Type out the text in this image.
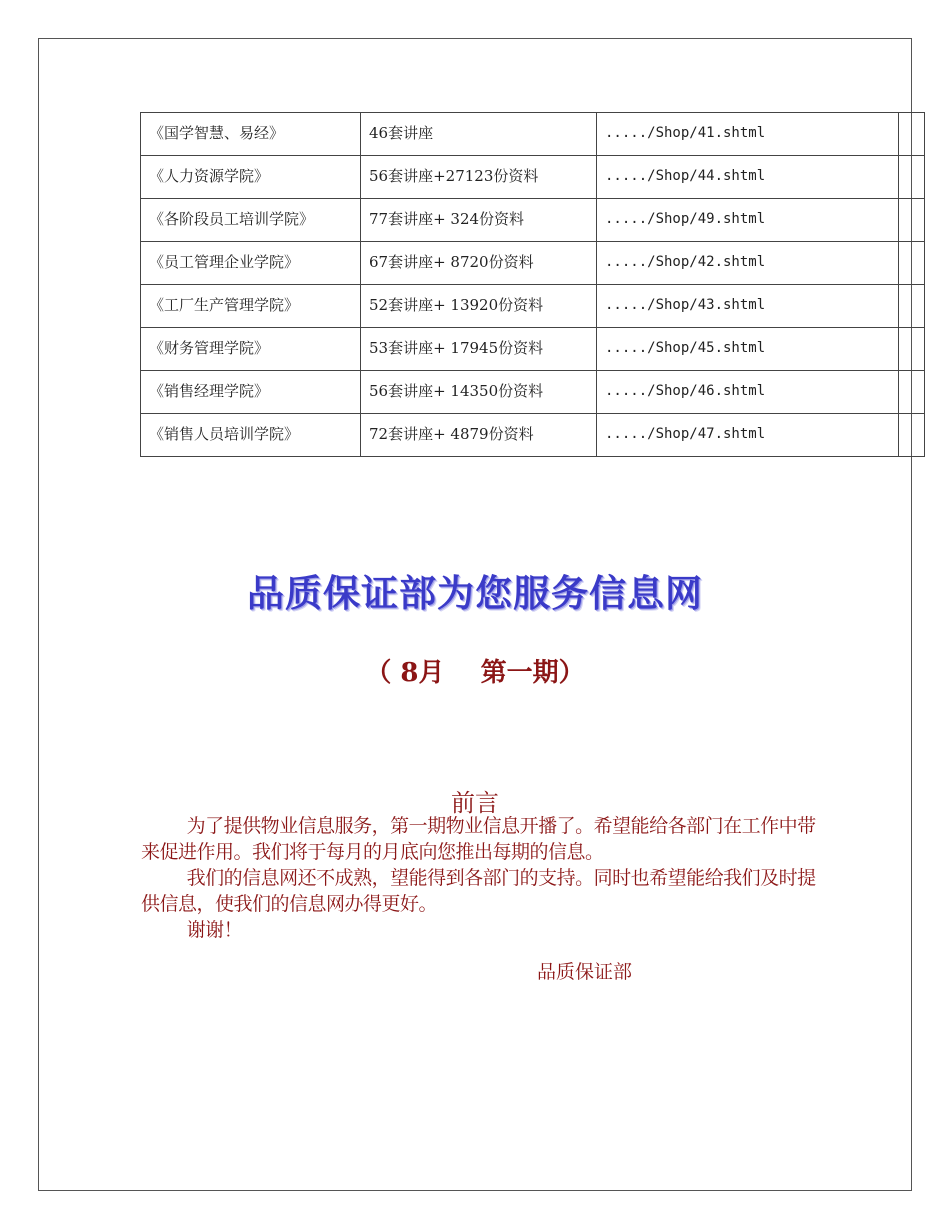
《国学智慧、易经》	46套讲座	...../Shop/41.shtml	
《人力资源学院》	56套讲座+27123份资料	...../Shop/44.shtml	
《各阶段员工培训学院》	77套讲座+ 324份资料	...../Shop/49.shtml	
《员工管理企业学院》	67套讲座+ 8720份资料	...../Shop/42.shtml	
《工厂生产管理学院》	52套讲座+ 13920份资料	...../Shop/43.shtml	
《财务管理学院》	53套讲座+ 17945份资料	...../Shop/45.shtml	
《销售经理学院》	56套讲座+ 14350份资料	...../Shop/46.shtml	
《销售人员培训学院》	72套讲座+ 4879份资料	...../Shop/47.shtml	
品质保证部为您服务信息网
（ 8月    第一期）
前言

为了提供物业信息服务，第一期物业信息开播了。希望能给各部门在工作中带来促进作用。我们将于每月的月底向您推出每期的信息。

我们的信息网还不成熟，望能得到各部门的支持。同时也希望能给我们及时提供信息，使我们的信息网办得更好。

谢谢！

品质保证部
